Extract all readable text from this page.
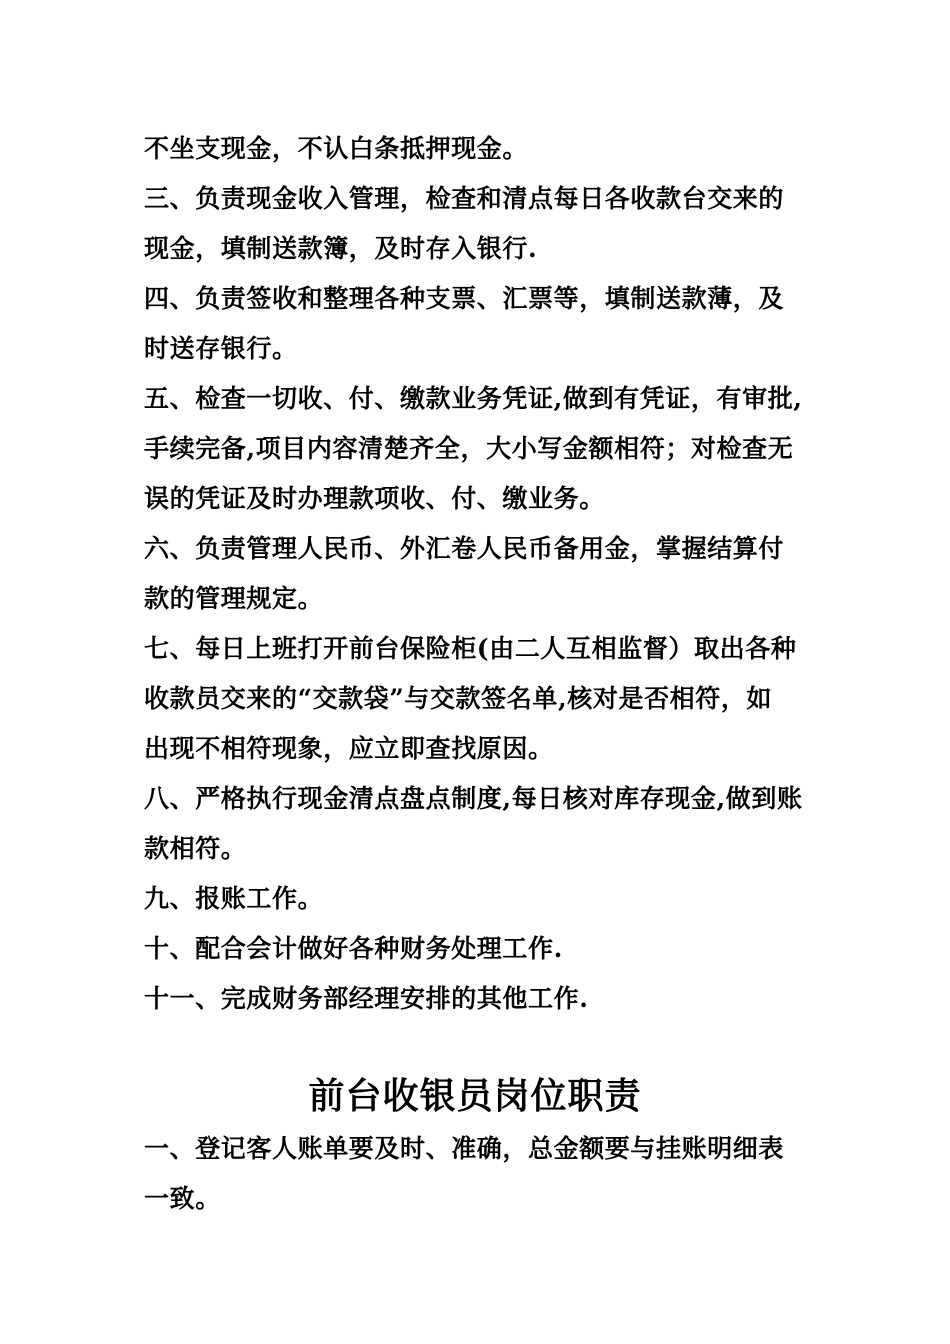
不坐支现金，不认白条抵押现金。
三、负责现金收入管理，检查和清点每日各收款台交来的
现金，填制送款簿，及时存入银行.
四、负责签收和整理各种支票、汇票等，填制送款薄，及
时送存银行。
五、检查一切收、付、缴款业务凭证,做到有凭证，有审批,
手续完备,项目内容清楚齐全，大小写金额相符；对检查无
误的凭证及时办理款项收、付、缴业务。
六、负责管理人民币、外汇卷人民币备用金，掌握结算付
款的管理规定。
七、每日上班打开前台保险柜(由二人互相监督）取出各种
收款员交来的“交款袋”与交款签名单,核对是否相符，如
出现不相符现象，应立即查找原因。
八、严格执行现金清点盘点制度,每日核对库存现金,做到账
款相符。
九、报账工作。
十、配合会计做好各种财务处理工作.
十一、完成财务部经理安排的其他工作.
前台收银员岗位职责
一、登记客人账单要及时、准确，总金额要与挂账明细表
一致。
